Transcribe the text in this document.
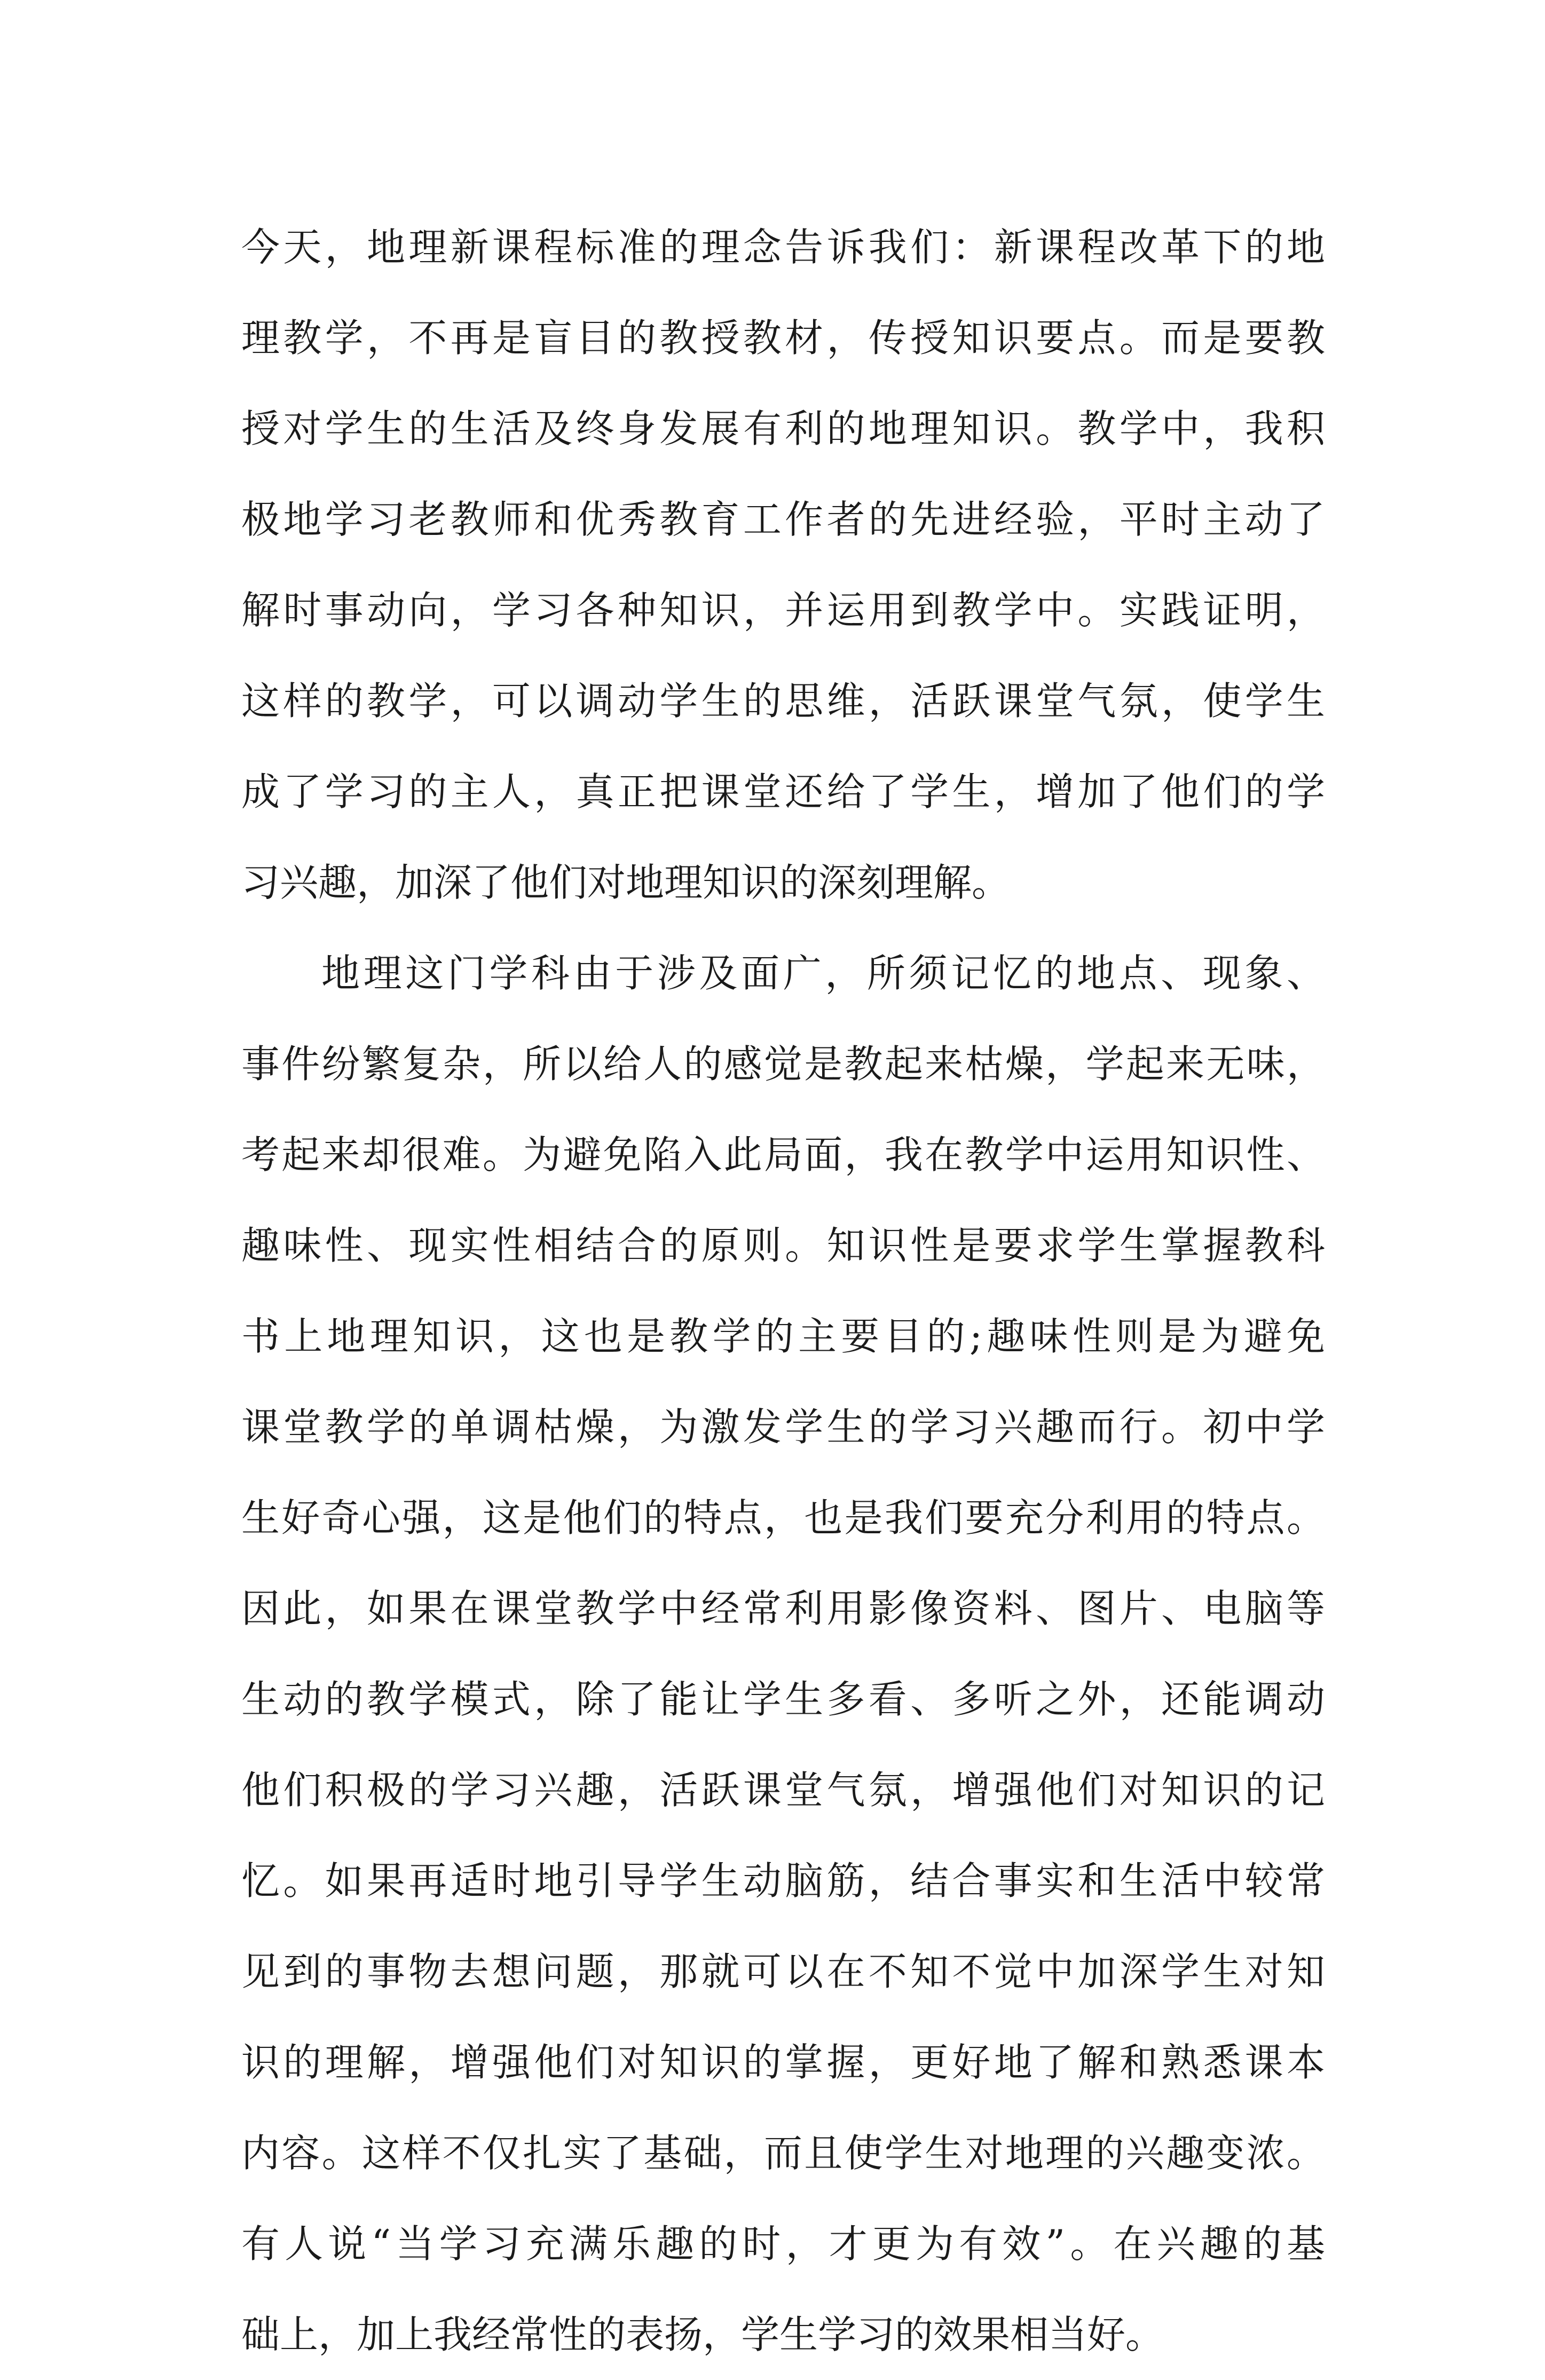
今天，地理新课程标准的理念告诉我们：新课程改革下的地
理教学，不再是盲目的教授教材，传授知识要点。而是要教
授对学生的生活及终身发展有利的地理知识。教学中，我积
极地学习老教师和优秀教育工作者的先进经验，平时主动了
解时事动向，学习各种知识，并运用到教学中。实践证明，
这样的教学，可以调动学生的思维，活跃课堂气氛，使学生
成了学习的主人，真正把课堂还给了学生，增加了他们的学
习兴趣，加深了他们对地理知识的深刻理解。
地理这门学科由于涉及面广，所须记忆的地点、现象、
事件纷繁复杂，所以给人的感觉是教起来枯燥，学起来无味，
考起来却很难。为避免陷入此局面，我在教学中运用知识性、
趣味性、现实性相结合的原则。知识性是要求学生掌握教科
书上地理知识，这也是教学的主要目的;趣味性则是为避免
课堂教学的单调枯燥，为激发学生的学习兴趣而行。初中学
生好奇心强，这是他们的特点，也是我们要充分利用的特点。
因此，如果在课堂教学中经常利用影像资料、图片、电脑等
生动的教学模式，除了能让学生多看、多听之外，还能调动
他们积极的学习兴趣，活跃课堂气氛，增强他们对知识的记
忆。如果再适时地引导学生动脑筋，结合事实和生活中较常
见到的事物去想问题，那就可以在不知不觉中加深学生对知
识的理解，增强他们对知识的掌握，更好地了解和熟悉课本
内容。这样不仅扎实了基础，而且使学生对地理的兴趣变浓。
有人说“当学习充满乐趣的时，才更为有效”。在兴趣的基
础上，加上我经常性的表扬，学生学习的效果相当好。
